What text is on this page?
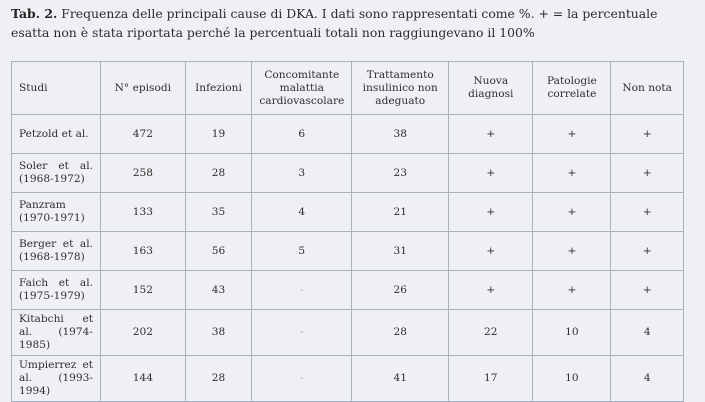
Tab. 2. Frequenza delle principali cause di DKA. I dati sono rappresentati come %. + = la percentuale esatta non è stata riportata perché la percentuali totali non raggiungevano il 100%
Studi	N° episodi	Infezioni	Concomitante malattia cardiovascolare	Trattamento insulinico non adeguato	Nuova diagnosi	Patologie correlate	Non nota

Petzold et al.	472	19	6	38	+	+	+

Soler et al. (1968-1972)	258	28	3	23	+	+	+

Panzram (1970-1971)	133	35	4	21	+	+	+

Berger et al. (1968-1978)	163	56	5	31	+	+	+

Faich et al. (1975-1979)	152	43	-	26	+	+	+

Kitabchi et al. (1974-1985)	202	38	-	28	22	10	4

Umpierrez et al. (1993-1994)	144	28	-	41	17	10	4
